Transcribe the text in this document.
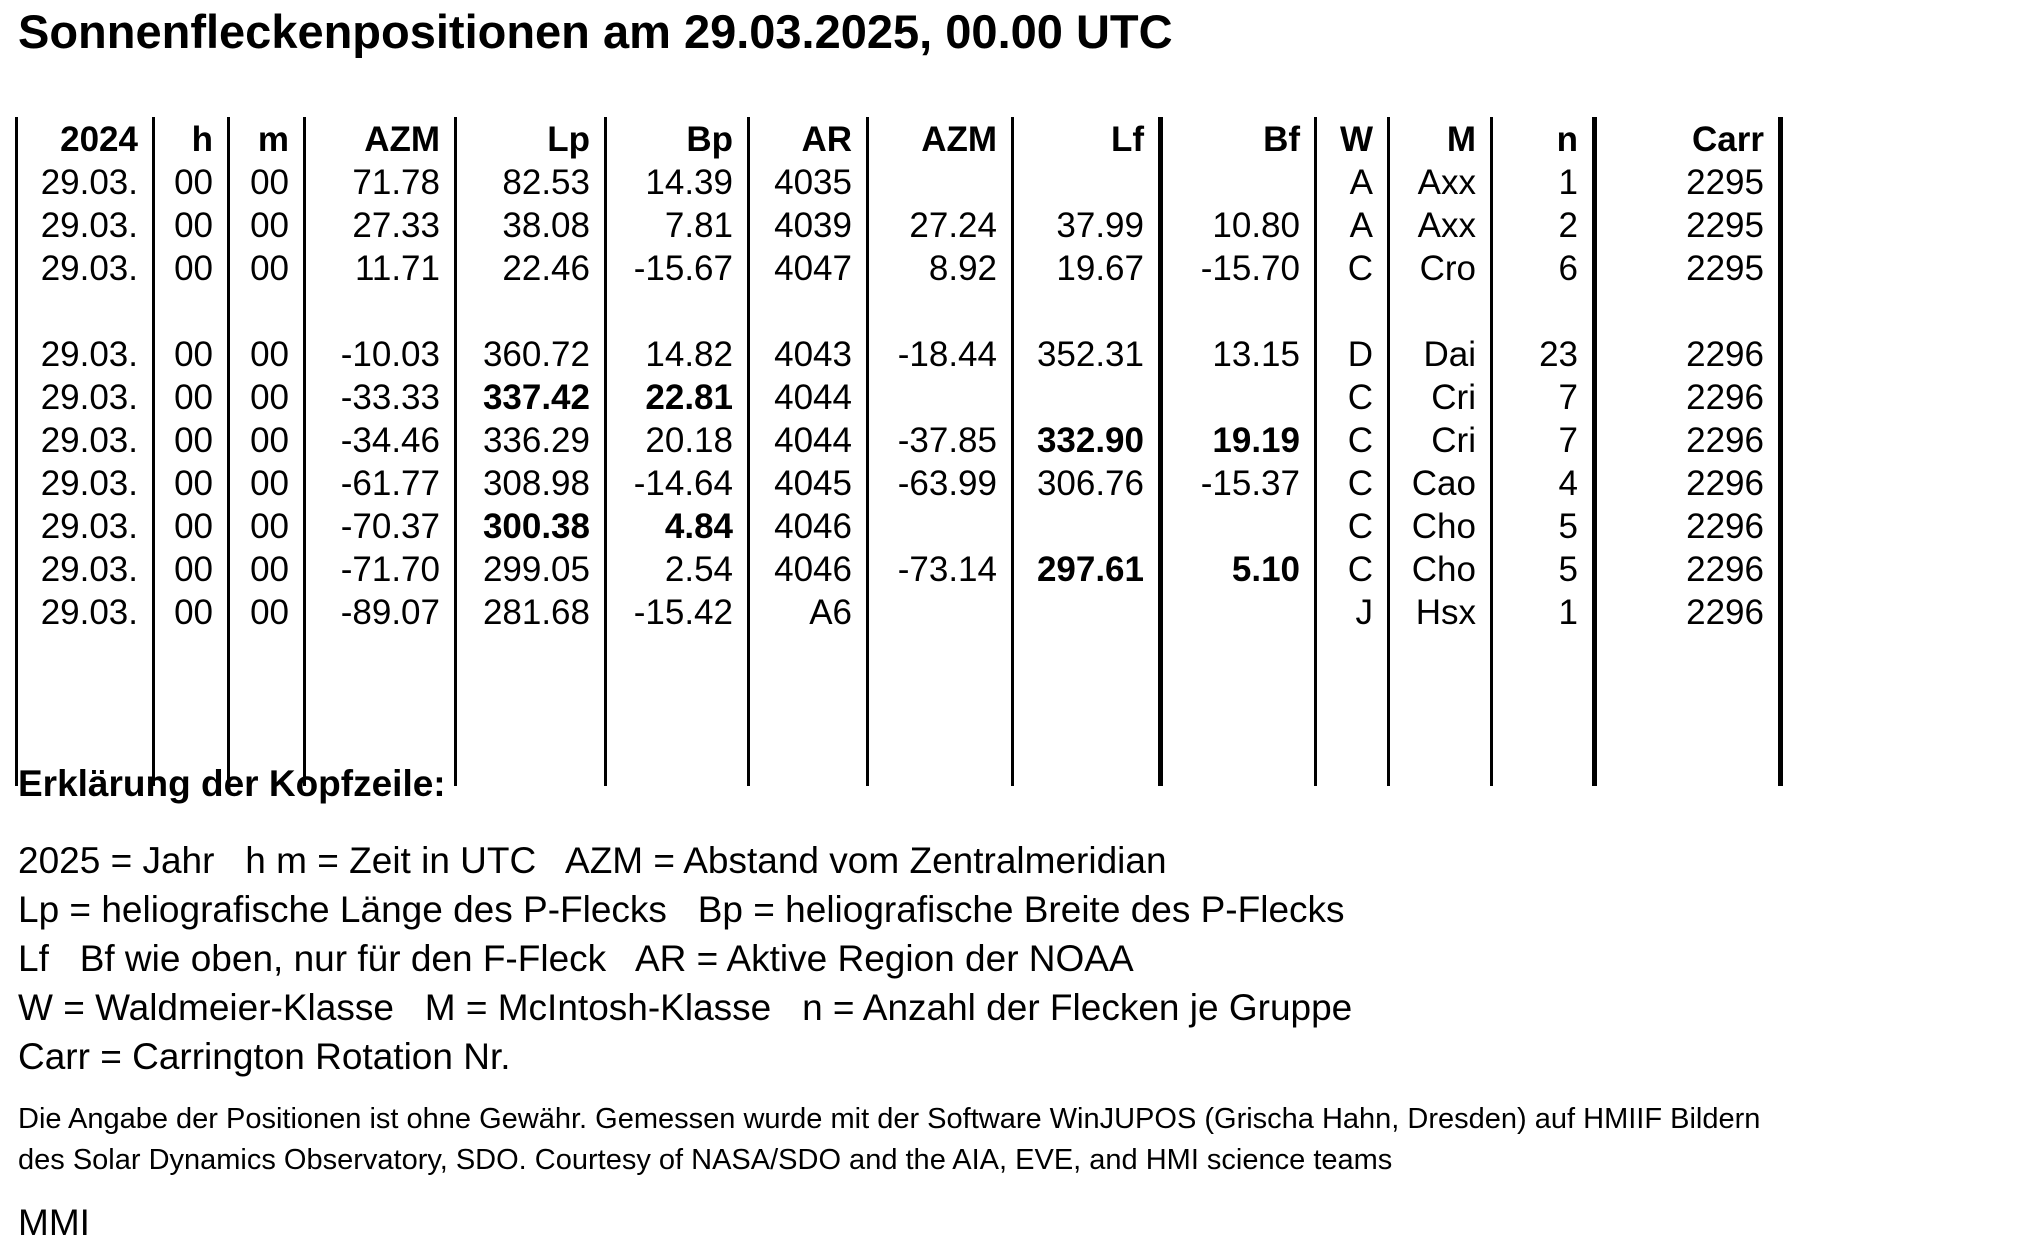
Sonnenfleckenpositionen am 29.03.2025, 00.00 UTC
2024	h	m	AZM	Lp	Bp	AR	AZM	Lf	Bf	W	M	n	Carr
29.03.	00	00	71.78	82.53	14.39	4035				A	Axx	1	2295
29.03.	00	00	27.33	38.08	7.81	4039	27.24	37.99	10.80	A	Axx	2	2295
29.03.	00	00	11.71	22.46	-15.67	4047	8.92	19.67	-15.70	C	Cro	6	2295

29.03.	00	00	-10.03	360.72	14.82	4043	-18.44	352.31	13.15	D	Dai	23	2296
29.03.	00	00	-33.33	337.42	22.81	4044				C	Cri	7	2296
29.03.	00	00	-34.46	336.29	20.18	4044	-37.85	332.90	19.19	C	Cri	7	2296
29.03.	00	00	-61.77	308.98	-14.64	4045	-63.99	306.76	-15.37	C	Cao	4	2296
29.03.	00	00	-70.37	300.38	4.84	4046				C	Cho	5	2296
29.03.	00	00	-71.70	299.05	2.54	4046	-73.14	297.61	5.10	C	Cho	5	2296
29.03.	00	00	-89.07	281.68	-15.42	A6				J	Hsx	1	2296

Erklärung der Kopfzeile:
2025 = Jahr   h m = Zeit in UTC   AZM = Abstand vom Zentralmeridian
Lp = heliografische Länge des P-Flecks   Bp = heliografische Breite des P-Flecks
Lf   Bf wie oben, nur für den F-Fleck   AR = Aktive Region der NOAA
W = Waldmeier-Klasse   M = McIntosh-Klasse   n = Anzahl der Flecken je Gruppe
Carr = Carrington Rotation Nr.
Die Angabe der Positionen ist ohne Gewähr. Gemessen wurde mit der Software WinJUPOS (Grischa Hahn, Dresden) auf HMIIF Bildern
des Solar Dynamics Observatory, SDO. Courtesy of NASA/SDO and the AIA, EVE, and HMI science teams
MMI
